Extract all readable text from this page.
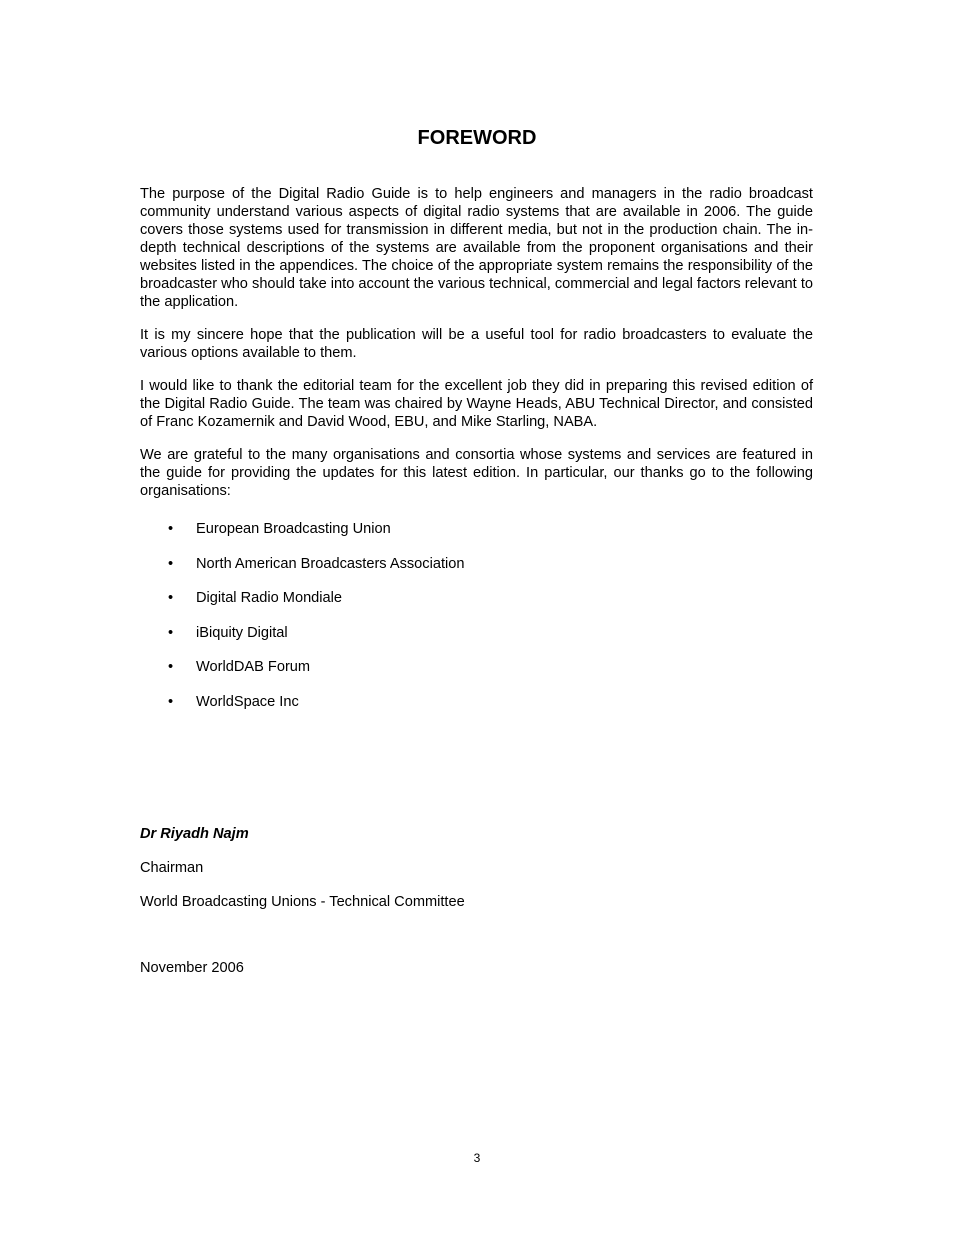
FOREWORD

The purpose of the Digital Radio Guide is to help engineers and managers in the radio broadcast community understand various aspects of digital radio systems that are available in 2006. The guide covers those systems used for transmission in different media, but not in the production chain. The in-depth technical descriptions of the systems are available from the proponent organisations and their websites listed in the appendices. The choice of the appropriate system remains the responsibility of the broadcaster who should take into account the various technical, commercial and legal factors relevant to the application.

It is my sincere hope that the publication will be a useful tool for radio broadcasters to evaluate the various options available to them.

I would like to thank the editorial team for the excellent job they did in preparing this revised edition of the Digital Radio Guide. The team was chaired by Wayne Heads, ABU Technical Director, and consisted of Franc Kozamernik and David Wood, EBU, and Mike Starling, NABA.

We are grateful to the many organisations and consortia whose systems and services are featured in the guide for providing the updates for this latest edition. In particular, our thanks go to the following organisations:

• European Broadcasting Union
• North American Broadcasters Association
• Digital Radio Mondiale
• iBiquity Digital
• WorldDAB Forum
• WorldSpace Inc

Dr Riyadh Najm

Chairman

World Broadcasting Unions - Technical Committee

November 2006
3
